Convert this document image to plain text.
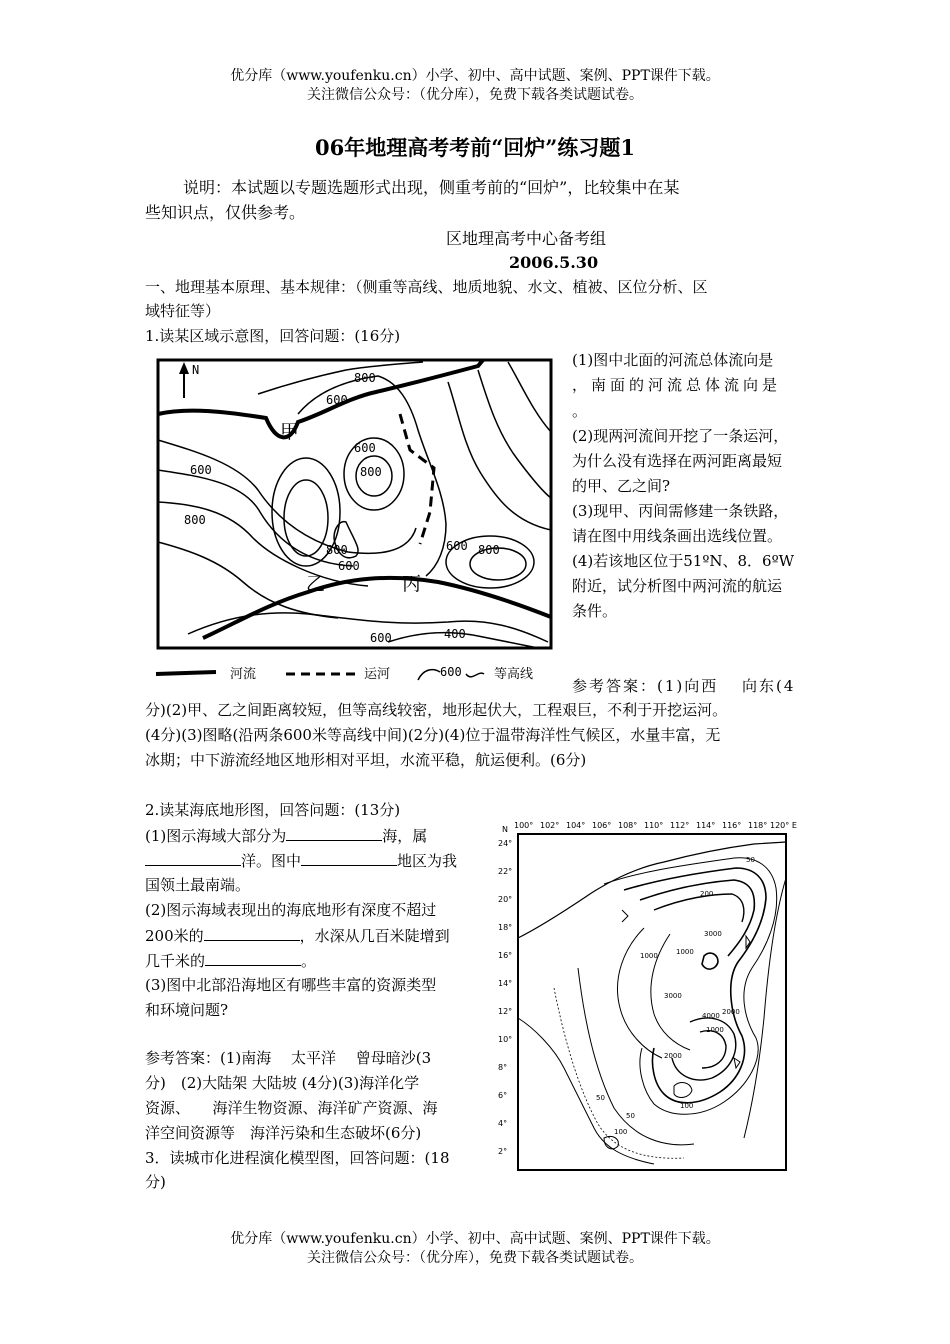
优分库（www.youfenku.cn）小学、初中、高中试题、案例、PPT课件下载。
关注微信公众号：（优分库），免费下载各类试题试卷。
06年地理高考考前“回炉”练习题1
说明：本试题以专题选题形式出现，侧重考前的“回炉”，比较集中在某
些知识点，仅供参考。
区地理高考中心备考组
2006.5.30
一、地理基本原理、基本规律：（侧重等高线、地质地貌、水文、植被、区位分析、区
域特征等）
1.读某区域示意图，回答问题：(16分)
N
800
600
600
800
600
800
800
600
600 800
600	400
甲
乙	丙
河流	运河	600 等高线
(1)图中北面的河流总体流向是
，南面的河流总体流向是
。
(2)现两河流间开挖了一条运河，
为什么没有选择在两河距离最短
的甲、乙之间?
(3)现甲、丙间需修建一条铁路，
请在图中用线条画出选线位置。
(4)若该地区位于51ºN、8．6ºW
附近，试分析图中两河流的航运
条件。
参考答案：(1)向西　 向东(4
分)(2)甲、乙之间距离较短，但等高线较密，地形起伏大，工程艰巨，不利于开挖运河。
(4分)(3)图略(沿两条600米等高线中间)(2分)(4)位于温带海洋性气候区，水量丰富，无
冰期；中下游流经地区地形相对平坦，水流平稳，航运便利。(6分)
2.读某海底地形图，回答问题：(13分)
(1)图示海域大部分为	海，属
洋。图中	地区为我
国领土最南端。
(2)图示海域表现出的海底地形有深度不超过
200米的	，水深从几百米陡增到
几千米的	。
(3)图中北部沿海地区有哪些丰富的资源类型
和环境问题?
参考答案：(1)南海　 太平洋　 曾母暗沙(3
分)　(2)大陆架 大陆坡 (4分)(3)海洋化学
资源、　　海洋生物资源、海洋矿产资源、海
洋空间资源等　海洋污染和生态破坏(6分)
100° 102° 104° 106° 108° 110° 112° 114° 116° 118° 120° E
N
24°
22°
20°
18°
16°
14°
12°
10°
8°
6°
4°
2°
50
200
1000
3000
1000
4000
3000
2000
1000
2000
50
100
100
50
3．读城市化进程演化模型图，回答问题：(18
分)
优分库（www.youfenku.cn）小学、初中、高中试题、案例、PPT课件下载。
关注微信公众号：（优分库），免费下载各类试题试卷。
